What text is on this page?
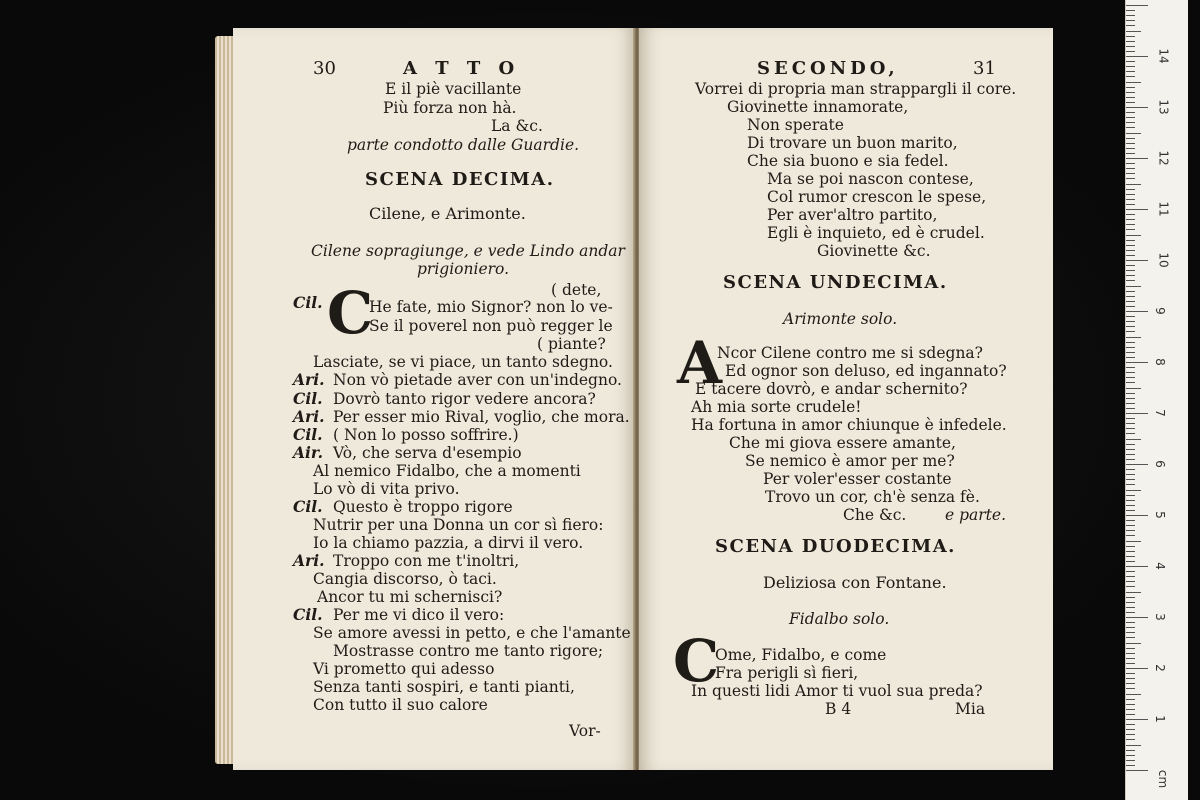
30	A T T O
E il piè vacillante
Più forza non hà.
La &c.
parte condotto dalle Guardie.
SCENA DECIMA.
Cilene, e Arimonte.
Cilene sopragiunge, e vede Lindo andar
prigioniero.
( dete,
Cil. C
He fate, mio Signor? non lo ve-
Se il poverel non può regger le
( piante?
Lasciate, se vi piace, un tanto sdegno.
Ari. Non vò pietade aver con un'indegno.
Cil. Dovrò tanto rigor vedere ancora?
Ari. Per esser mio Rival, voglio, che mora.
Cil. ( Non lo posso soffrire.)
Air. Vò, che serva d'esempio
Al nemico Fidalbo, che a momenti
Lo vò di vita privo.
Cil. Questo è troppo rigore
Nutrir per una Donna un cor sì fiero:
Io la chiamo pazzia, a dirvi il vero.
Ari. Troppo con me t'inoltri,
Cangia discorso, ò taci.
Ancor tu mi schernisci?
Cil. Per me vi dico il vero:
Se amore avessi in petto, e che l'amante
Mostrasse contro me tanto rigore;
Vi prometto qui adesso
Senza tanti sospiri, e tanti pianti,
Con tutto il suo calore
Vor-
SECONDO,	31
Vorrei di propria man strappargli il core.
Giovinette innamorate,
Non sperate
Di trovare un buon marito,
Che sia buono e sia fedel.
Ma se poi nascon contese,
Col rumor crescon le spese,
Per aver'altro partito,
Egli è inquieto, ed è crudel.
Giovinette &c.
SCENA UNDECIMA.
Arimonte solo.
A
Ncor Cilene contro me si sdegna?
Ed ognor son deluso, ed ingannato?
E tacere dovrò, e andar schernito?
Ah mia sorte crudele!
Ha fortuna in amor chiunque è infedele.
Che mi giova essere amante,
Se nemico è amor per me?
Per voler'esser costante
Trovo un cor, ch'è senza fè.
Che &c. e parte.
SCENA DUODECIMA.
Deliziosa con Fontane.
Fidalbo solo.
C
Ome, Fidalbo, e come
Fra perigli sì fieri,
In questi lidi Amor ti vuol sua preda?
B 4	Mia
1
2
3
4
5
6
7
8
9
10
11
12
13
14
cm
